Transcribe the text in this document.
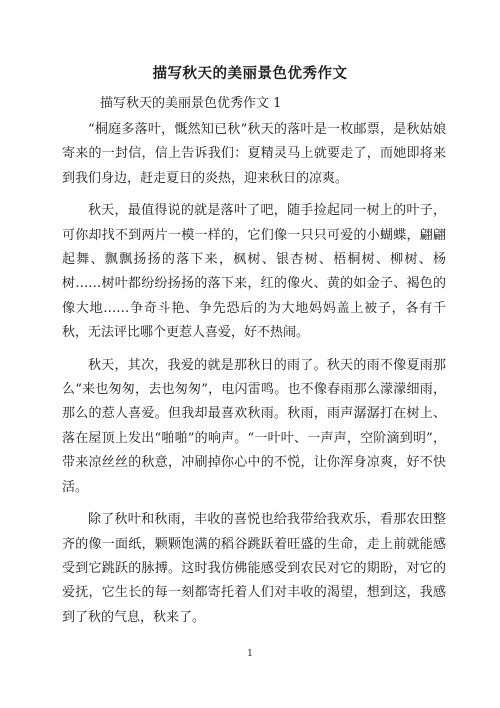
描写秋天的美丽景色优秀作文
描写秋天的美丽景色优秀作文 1

“桐庭多落叶，慨然知已秋”秋天的落叶是一枚邮票，是秋姑娘寄来的一封信，信上告诉我们：夏精灵马上就要走了，而她即将来到我们身边，赶走夏日的炎热，迎来秋日的凉爽。

秋天，最值得说的就是落叶了吧，随手捡起同一树上的叶子，可你却找不到两片一模一样的，它们像一只只可爱的小蝴蝶，翩翩起舞、飘飘扬扬的落下来，枫树、银杏树、梧桐树、柳树、杨树……树叶都纷纷扬扬的落下来，红的像火、黄的如金子、褐色的像大地……争奇斗艳、争先恐后的为大地妈妈盖上被子，各有千秋，无法评比哪个更惹人喜爱，好不热闹。

秋天，其次，我爱的就是那秋日的雨了。秋天的雨不像夏雨那么“来也匆匆，去也匆匆”，电闪雷鸣。也不像春雨那么濛濛细雨，那么的惹人喜爱。但我却最喜欢秋雨。秋雨，雨声潺潺打在树上、落在屋顶上发出“啪啪”的响声。“一叶叶、一声声，空阶滴到明”，带来凉丝丝的秋意，冲刷掉你心中的不悦，让你浑身凉爽，好不快活。

除了秋叶和秋雨，丰收的喜悦也给我带给我欢乐，看那农田整齐的像一面纸，颗颗饱满的稻谷跳跃着旺盛的生命，走上前就能感受到它跳跃的脉搏。这时我仿佛能感受到农民对它的期盼，对它的爱抚，它生长的每一刻都寄托着人们对丰收的渴望，想到这，我感到了秋的气息，秋来了。

1
